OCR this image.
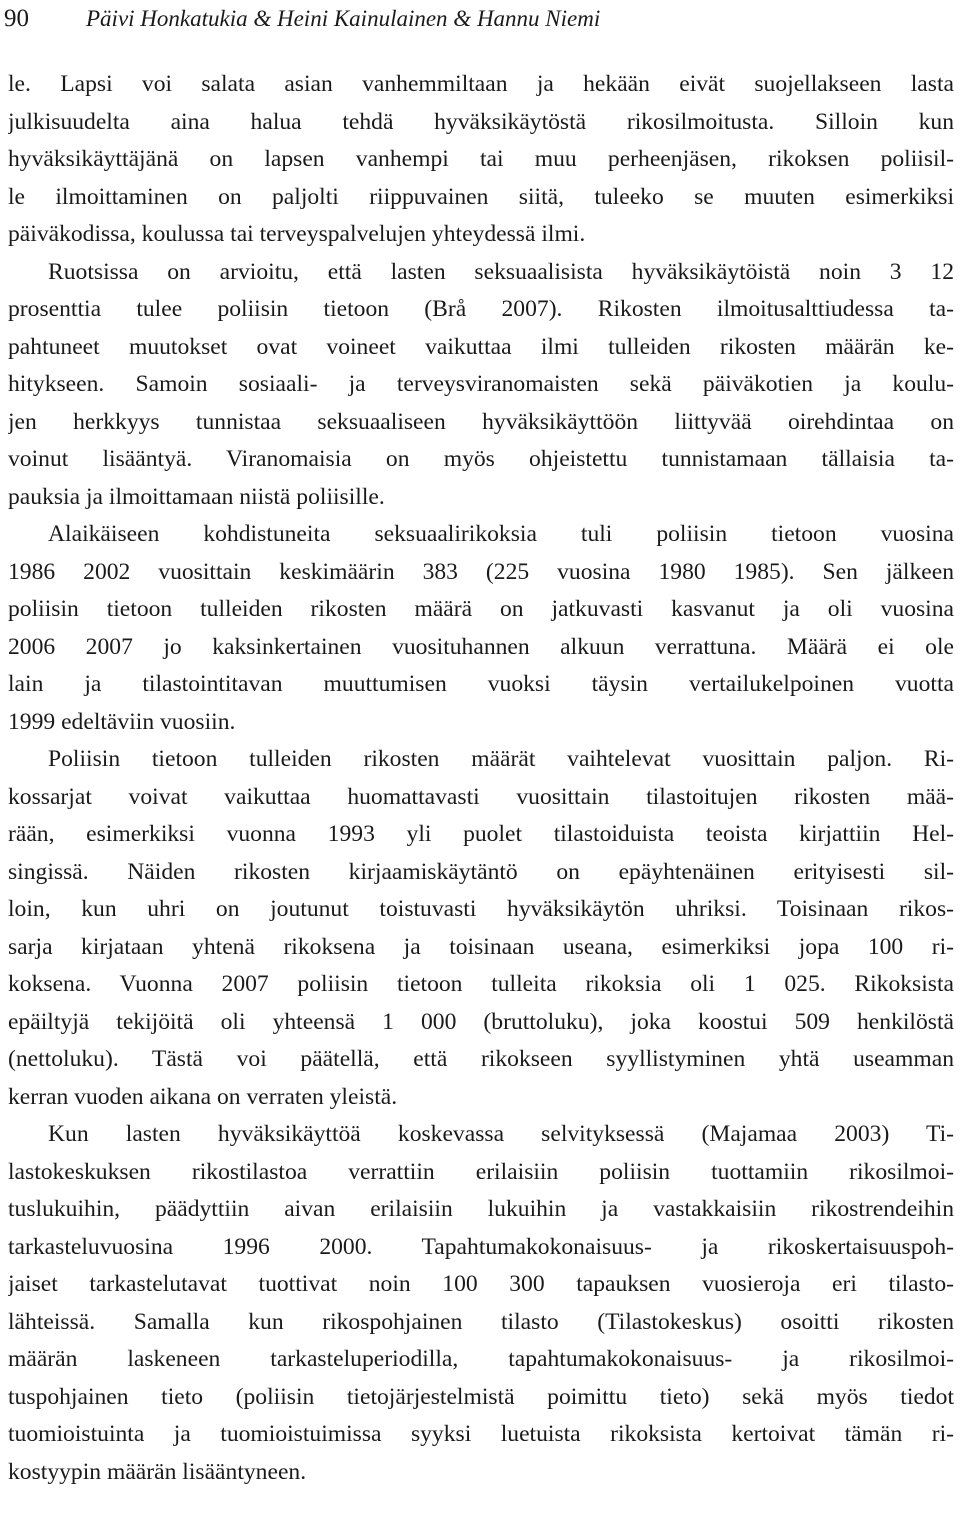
90 Päivi Honkatukia & Heini Kainulainen & Hannu Niemi
le. Lapsi voi salata asian vanhemmiltaan ja hekään eivät suojellakseen lasta
julkisuudelta aina halua tehdä hyväksikäytöstä rikosilmoitusta. Silloin kun
hyväksikäyttäjänä on lapsen vanhempi tai muu perheenjäsen, rikoksen poliisil-
le ilmoittaminen on paljolti riippuvainen siitä, tuleeko se muuten esimerkiksi
päiväkodissa, koulussa tai terveyspalvelujen yhteydessä ilmi.
Ruotsissa on arvioitu, että lasten seksuaalisista hyväksikäytöistä noin 3 12
prosenttia tulee poliisin tietoon (Brå 2007). Rikosten ilmoitusalttiudessa ta-
pahtuneet muutokset ovat voineet vaikuttaa ilmi tulleiden rikosten määrän ke-
hitykseen. Samoin sosiaali- ja terveysviranomaisten sekä päiväkotien ja koulu-
jen herkkyys tunnistaa seksuaaliseen hyväksikäyttöön liittyvää oirehdintaa on
voinut lisääntyä. Viranomaisia on myös ohjeistettu tunnistamaan tällaisia ta-
pauksia ja ilmoittamaan niistä poliisille.
Alaikäiseen kohdistuneita seksuaalirikoksia tuli poliisin tietoon vuosina
1986 2002 vuosittain keskimäärin 383 (225 vuosina 1980 1985). Sen jälkeen
poliisin tietoon tulleiden rikosten määrä on jatkuvasti kasvanut ja oli vuosina
2006 2007 jo kaksinkertainen vuosituhannen alkuun verrattuna. Määrä ei ole
lain ja tilastointitavan muuttumisen vuoksi täysin vertailukelpoinen vuotta
1999 edeltäviin vuosiin.
Poliisin tietoon tulleiden rikosten määrät vaihtelevat vuosittain paljon. Ri-
kossarjat voivat vaikuttaa huomattavasti vuosittain tilastoitujen rikosten mää-
rään, esimerkiksi vuonna 1993 yli puolet tilastoiduista teoista kirjattiin Hel-
singissä. Näiden rikosten kirjaamiskäytäntö on epäyhtenäinen erityisesti sil-
loin, kun uhri on joutunut toistuvasti hyväksikäytön uhriksi. Toisinaan rikos-
sarja kirjataan yhtenä rikoksena ja toisinaan useana, esimerkiksi jopa 100 ri-
koksena. Vuonna 2007 poliisin tietoon tulleita rikoksia oli 1 025. Rikoksista
epäiltyjä tekijöitä oli yhteensä 1 000 (bruttoluku), joka koostui 509 henkilöstä
(nettoluku). Tästä voi päätellä, että rikokseen syyllistyminen yhtä useamman
kerran vuoden aikana on verraten yleistä.
Kun lasten hyväksikäyttöä koskevassa selvityksessä (Majamaa 2003) Ti-
lastokeskuksen rikostilastoa verrattiin erilaisiin poliisin tuottamiin rikosilmoi-
tuslukuihin, päädyttiin aivan erilaisiin lukuihin ja vastakkaisiin rikostrendeihin
tarkasteluvuosina 1996 2000. Tapahtumakokonaisuus- ja rikoskertaisuuspoh-
jaiset tarkastelutavat tuottivat noin 100 300 tapauksen vuosieroja eri tilasto-
lähteissä. Samalla kun rikospohjainen tilasto (Tilastokeskus) osoitti rikosten
määrän laskeneen tarkasteluperiodilla, tapahtumakokonaisuus- ja rikosilmoi-
tuspohjainen tieto (poliisin tietojärjestelmistä poimittu tieto) sekä myös tiedot
tuomioistuinta ja tuomioistuimissa syyksi luetuista rikoksista kertoivat tämän ri-
kostyypin määrän lisääntyneen.
